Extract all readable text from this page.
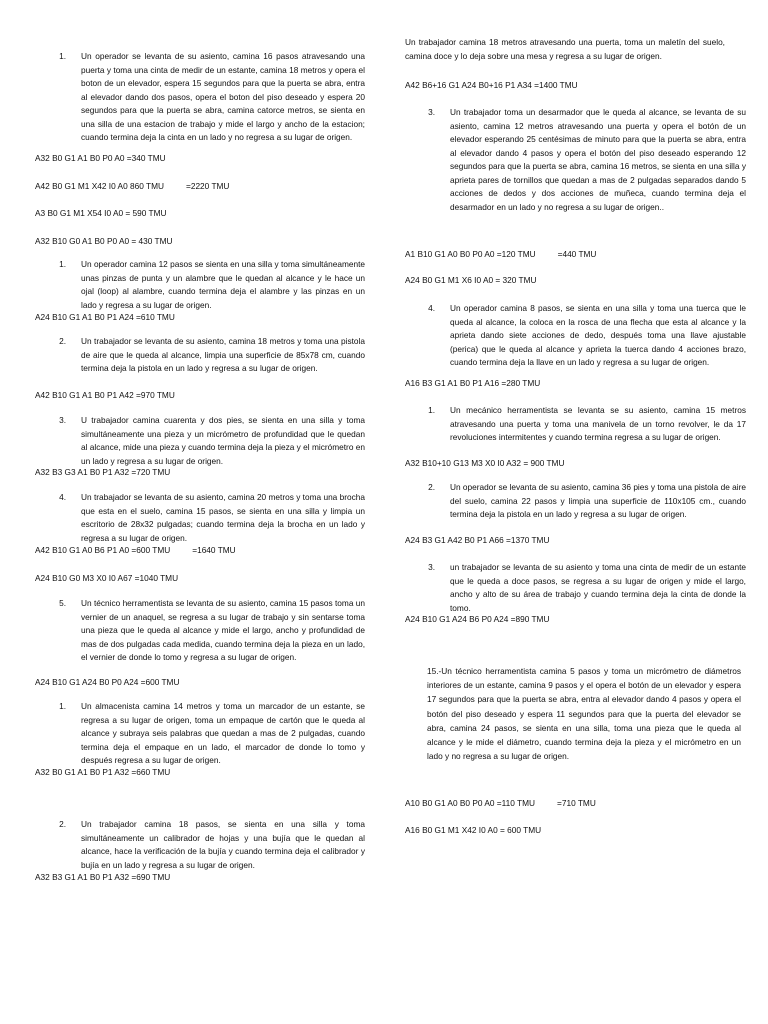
1. Un operador se levanta de su asiento, camina 16 pasos atravesando una puerta y toma una cinta de medir de un estante, camina 18 metros y opera el boton de un elevador, espera 15 segundos para que la puerta se abra, entra al elevador dando dos pasos, opera el boton del piso deseado y espera 20 segundos para que la puerta se abra, camina catorce metros, se sienta en una silla de una estacion de trabajo y mide el largo y ancho de la estacion; cuando termina deja la cinta en un lado y no regresa a su lugar de origen.
A32 B0 G1 A1 B0 P0 A0 =340 TMU
A42 B0 G1 M1 X42 I0 A0 860 TMU	=2220 TMU
A3 B0 G1 M1 X54 I0 A0 = 590 TMU
A32 B10 G0 A1 B0 P0 A0 = 430 TMU
1. Un operador camina 12 pasos se sienta en una silla y toma simultáneamente unas pinzas de punta y un alambre que le quedan al alcance y le hace un ojal (loop) al alambre, cuando termina deja el alambre y las pinzas en un lado y regresa a su lugar de origen.
A24 B10 G1 A1 B0 P1 A24 =610 TMU
2. Un trabajador se levanta de su asiento, camina 18 metros y toma una pistola de aire que le queda al alcance, limpia una superficie de 85x78 cm, cuando termina deja la pistola en un lado y regresa a su lugar de origen.
A42 B10 G1 A1 B0 P1 A42 =970 TMU
3. U trabajador camina cuarenta y dos pies, se sienta en una silla y toma simultáneamente una pieza y un micrómetro de profundidad que le quedan al alcance, mide una pieza y cuando termina deja la pieza y el micrómetro en un lado y regresa a su lugar de origen.
A32 B3 G3 A1 B0 P1 A32 =720 TMU
4. Un trabajador se levanta de su asiento, camina 20 metros y toma una brocha que esta en el suelo, camina 15 pasos, se sienta en una silla y limpia un escritorio de 28x32 pulgadas; cuando termina deja la brocha en un lado y regresa a su lugar de origen.
A42 B10 G1 A0 B6 P1 A0 =600 TMU	=1640 TMU
A24 B10 G0 M3 X0 I0 A67 =1040 TMU
5. Un técnico herramentista se levanta de su asiento, camina 15 pasos toma un vernier de un anaquel, se regresa a su lugar de trabajo y sin sentarse toma una pieza que le queda al alcance y mide el largo, ancho y profundidad de mas de dos pulgadas cada medida, cuando termina deja la pieza en un lado, el vernier de donde lo tomo y regresa a su lugar de origen.
A24 B10 G1 A24 B0 P0 A24 =600 TMU
1. Un almacenista camina 14 metros y toma un marcador de un estante, se regresa a su lugar de origen, toma un empaque de cartón que le queda al alcance y subraya seis palabras que quedan a mas de 2 pulgadas, cuando termina deja el empaque en un lado, el marcador de donde lo tomo y después regresa a su lugar de origen.
A32 B0 G1 A1 B0 P1 A32 =660 TMU
2. Un trabajador camina 18 pasos, se sienta en una silla y toma simultáneamente un calibrador de hojas y una bujía que le quedan al alcance, hace la verificación de la bujía y cuando termina deja el calibrador y bujía en un lado y regresa a su lugar de origen.
A32 B3 G1 A1 B0 P1 A32 =690 TMU
Un trabajador camina 18 metros atravesando una puerta, toma un maletín del suelo, camina doce y lo deja sobre una mesa y regresa a su lugar de origen.
A42 B6+16 G1 A24 B0+16 P1 A34 =1400 TMU
3. Un trabajador toma un desarmador que le queda al alcance, se levanta de su asiento, camina 12 metros atravesando una puerta y opera el botón de un elevador esperando 25 centésimas de minuto para que la puerta se abra, entra al elevador dando 4 pasos y opera el botón del piso deseado esperando 12 segundos para que la puerta se abra, camina 16 metros, se sienta en una silla y aprieta pares de tornillos que quedan a mas de 2 pulgadas separados dando 5 acciones de dedos y dos acciones de muñeca, cuando termina deja el desarmador en un lado y no regresa a su lugar de origen..
A1 B10 G1 A0 B0 P0 A0 =120 TMU	=440 TMU
A24 B0 G1 M1 X6 I0 A0 = 320 TMU
4. Un operador camina 8 pasos, se sienta en una silla y toma una tuerca que le queda al alcance, la coloca en la rosca de una flecha que esta al alcance y la aprieta dando siete acciones de dedo, después toma una llave ajustable (perica) que le queda al alcance y aprieta la tuerca dando 4 acciones brazo, cuando termina deja la llave en un lado y regresa a su lugar de origen.
A16 B3 G1 A1 B0 P1 A16 =280 TMU
1. Un mecánico herramentista se levanta se su asiento, camina 15 metros atravesando una puerta y toma una manivela de un torno revolver, le da 17 revoluciones intermitentes y cuando termina regresa a su lugar de origen.
A32 B10+10 G13 M3 X0 I0 A32 = 900 TMU
2. Un operador se levanta de su asiento, camina 36 pies y toma una pistola de aire del suelo, camina 22 pasos y limpia una superficie de 110x105 cm., cuando termina deja la pistola en un lado y regresa a su lugar de origen.
A24 B3 G1 A42 B0 P1 A66 =1370 TMU
3. un trabajador se levanta de su asiento y toma una cinta de medir de un estante que le queda a doce pasos, se regresa a su lugar de origen y mide el largo, ancho y alto de su área de trabajo y cuando termina deja la cinta de donde la tomo.
A24 B10 G1 A24 B6 P0 A24 =890 TMU
15.-Un técnico herramentista camina 5 pasos y toma un micrómetro de diámetros interiores de un estante, camina 9 pasos y el opera el botón de un elevador y espera 17 segundos para que la puerta se abra, entra al elevador dando 4 pasos y opera el botón del piso deseado y espera 11 segundos para que la puerta del elevador se abra, camina 24 pasos, se sienta en una silla, toma una pieza que le queda al alcance y le mide el diámetro, cuando termina deja la pieza y el micrómetro en un lado y no regresa a su lugar de origen.
A10 B0 G1 A0 B0 P0 A0 =110 TMU	=710 TMU
A16 B0 G1 M1 X42 I0 A0 = 600 TMU
